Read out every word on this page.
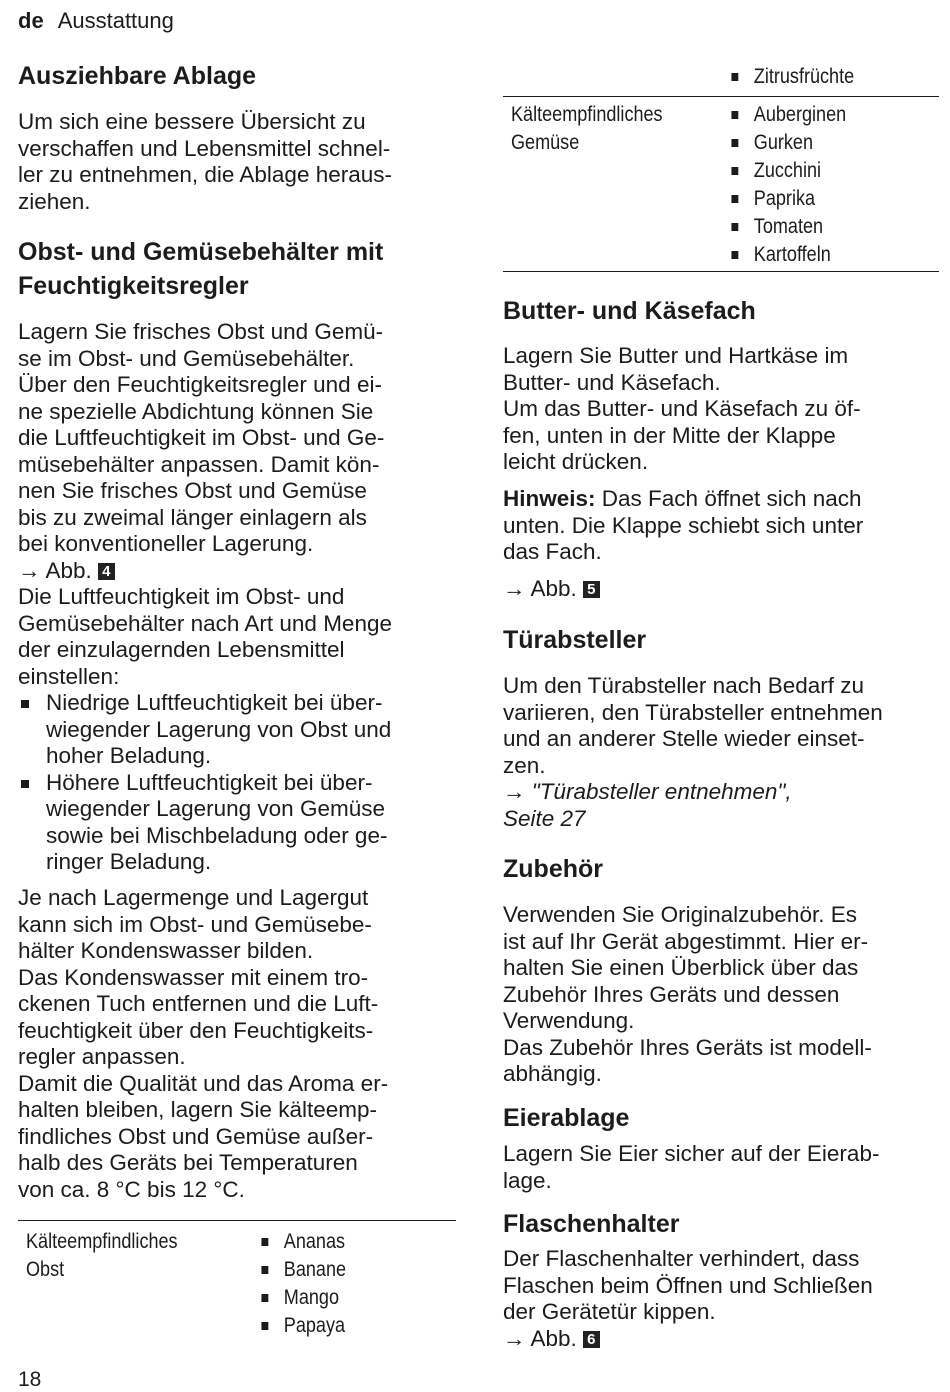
de Ausstattung
Ausziehbare Ablage
Um sich eine bessere Übersicht zu
verschaffen und Lebensmittel schnel-
ler zu entnehmen, die Ablage heraus-
ziehen.
Obst- und Gemüsebehälter mit
Feuchtigkeitsregler
Lagern Sie frisches Obst und Gemü-
se im Obst- und Gemüsebehälter.
Über den Feuchtigkeitsregler und ei-
ne spezielle Abdichtung können Sie
die Luftfeuchtigkeit im Obst- und Ge-
müsebehälter anpassen. Damit kön-
nen Sie frisches Obst und Gemüse
bis zu zweimal länger einlagern als
bei konventioneller Lagerung.
→ Abb. 4
Die Luftfeuchtigkeit im Obst- und
Gemüsebehälter nach Art und Menge
der einzulagernden Lebensmittel
einstellen:
Niedrige Luftfeuchtigkeit bei über-
wiegender Lagerung von Obst und
hoher Beladung.
Höhere Luftfeuchtigkeit bei über-
wiegender Lagerung von Gemüse
sowie bei Mischbeladung oder ge-
ringer Beladung.
Je nach Lagermenge und Lagergut
kann sich im Obst- und Gemüsebe-
hälter Kondenswasser bilden.
Das Kondenswasser mit einem tro-
ckenen Tuch entfernen und die Luft-
feuchtigkeit über den Feuchtigkeits-
regler anpassen.
Damit die Qualität und das Aroma er-
halten bleiben, lagern Sie kälteemp-
findliches Obst und Gemüse außer-
halb des Geräts bei Temperaturen
von ca. 8 °C bis 12 °C.
Kälteempfindliches
Obst
Ananas
Banane
Mango
Papaya
Zitrusfrüchte
Kälteempfindliches
Gemüse
Auberginen
Gurken
Zucchini
Paprika
Tomaten
Kartoffeln
Butter- und Käsefach
Lagern Sie Butter und Hartkäse im
Butter- und Käsefach.
Um das Butter- und Käsefach zu öf-
fen, unten in der Mitte der Klappe
leicht drücken.
Hinweis: Das Fach öffnet sich nach
unten. Die Klappe schiebt sich unter
das Fach.
→ Abb. 5
Türabsteller
Um den Türabsteller nach Bedarf zu
variieren, den Türabsteller entnehmen
und an anderer Stelle wieder einset-
zen.
→ "Türabsteller entnehmen",
Seite 27
Zubehör
Verwenden Sie Originalzubehör. Es
ist auf Ihr Gerät abgestimmt. Hier er-
halten Sie einen Überblick über das
Zubehör Ihres Geräts und dessen
Verwendung.
Das Zubehör Ihres Geräts ist modell-
abhängig.
Eierablage
Lagern Sie Eier sicher auf der Eierab-
lage.
Flaschenhalter
Der Flaschenhalter verhindert, dass
Flaschen beim Öffnen und Schließen
der Gerätetür kippen.
→ Abb. 6
18
